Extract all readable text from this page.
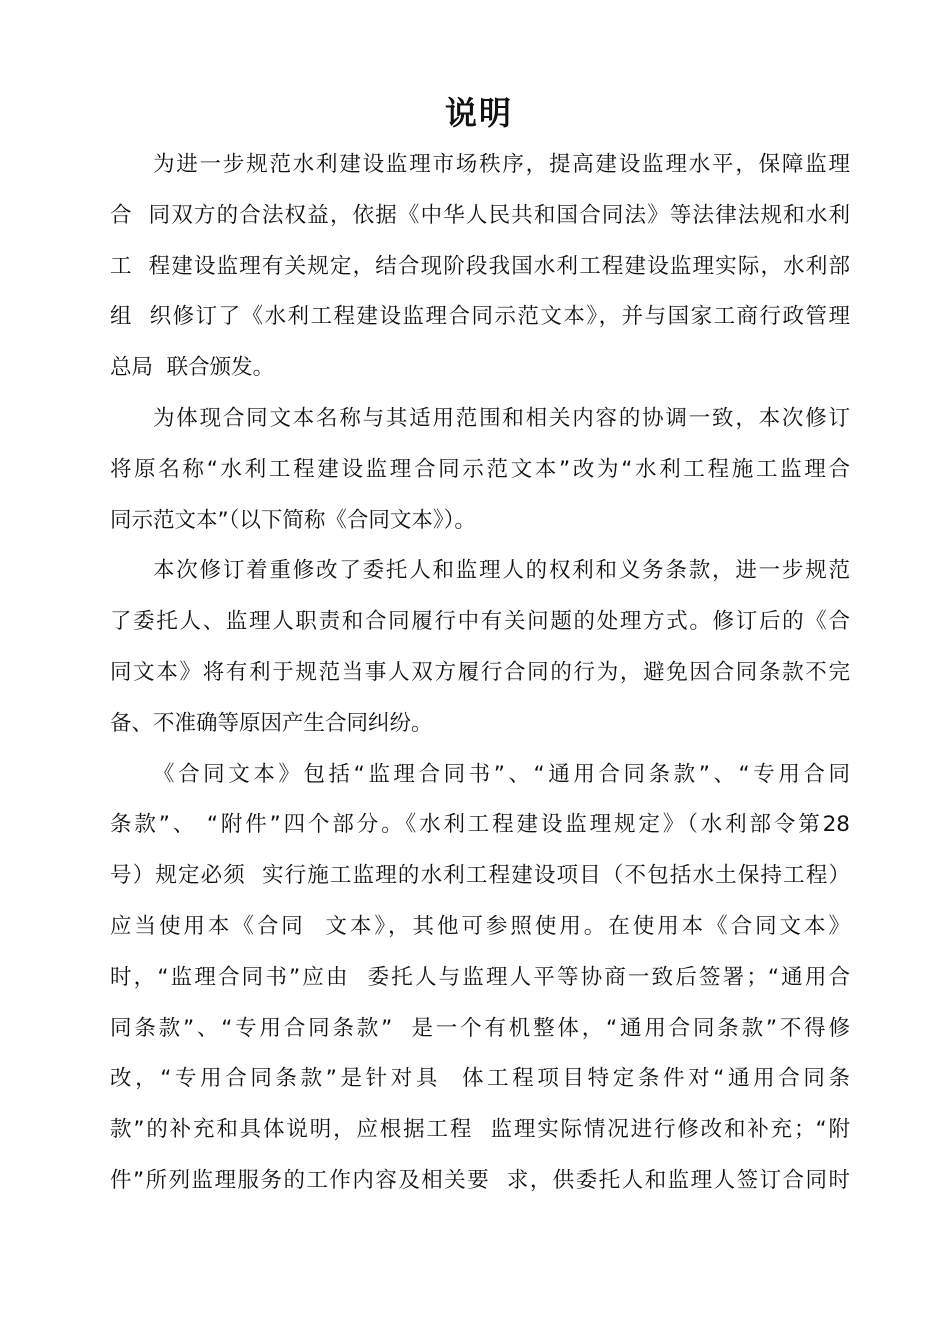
说明
为进一步规范水利建设监理市场秩序，提高建设监理水平，保障监理
合  同双方的合法权益，依据《中华人民共和国合同法》等法律法规和水利
工  程建设监理有关规定，结合现阶段我国水利工程建设监理实际，水利部
组  织修订了《水利工程建设监理合同示范文本》，并与国家工商行政管理
总局  联合颁发。
为体现合同文本名称与其适用范围和相关内容的协调一致，本次修订
将原名称“水利工程建设监理合同示范文本”改为“水利工程施工监理合
同示范文本”（以下简称《合同文本》）。
本次修订着重修改了委托人和监理人的权利和义务条款，进一步规范
了委托人、监理人职责和合同履行中有关问题的处理方式。修订后的《合
同文本》将有利于规范当事人双方履行合同的行为，避免因合同条款不完
备、不准确等原因产生合同纠纷。
《合同文本》包括“监理合同书”、“通用合同条款”、“专用合同
条款”、 “附件”四个部分。《水利工程建设监理规定》（水利部令第28
号）规定必须  实行施工监理的水利工程建设项目（不包括水土保持工程）
应当使用本《合同  文本》，其他可参照使用。在使用本《合同文本》
时，“监理合同书”应由  委托人与监理人平等协商一致后签署；“通用合
同条款”、“专用合同条款”  是一个有机整体，“通用合同条款”不得修
改，“专用合同条款”是针对具  体工程项目特定条件对“通用合同条
款”的补充和具体说明，应根据工程  监理实际情况进行修改和补充；“附
件”所列监理服务的工作内容及相关要  求，供委托人和监理人签订合同时
